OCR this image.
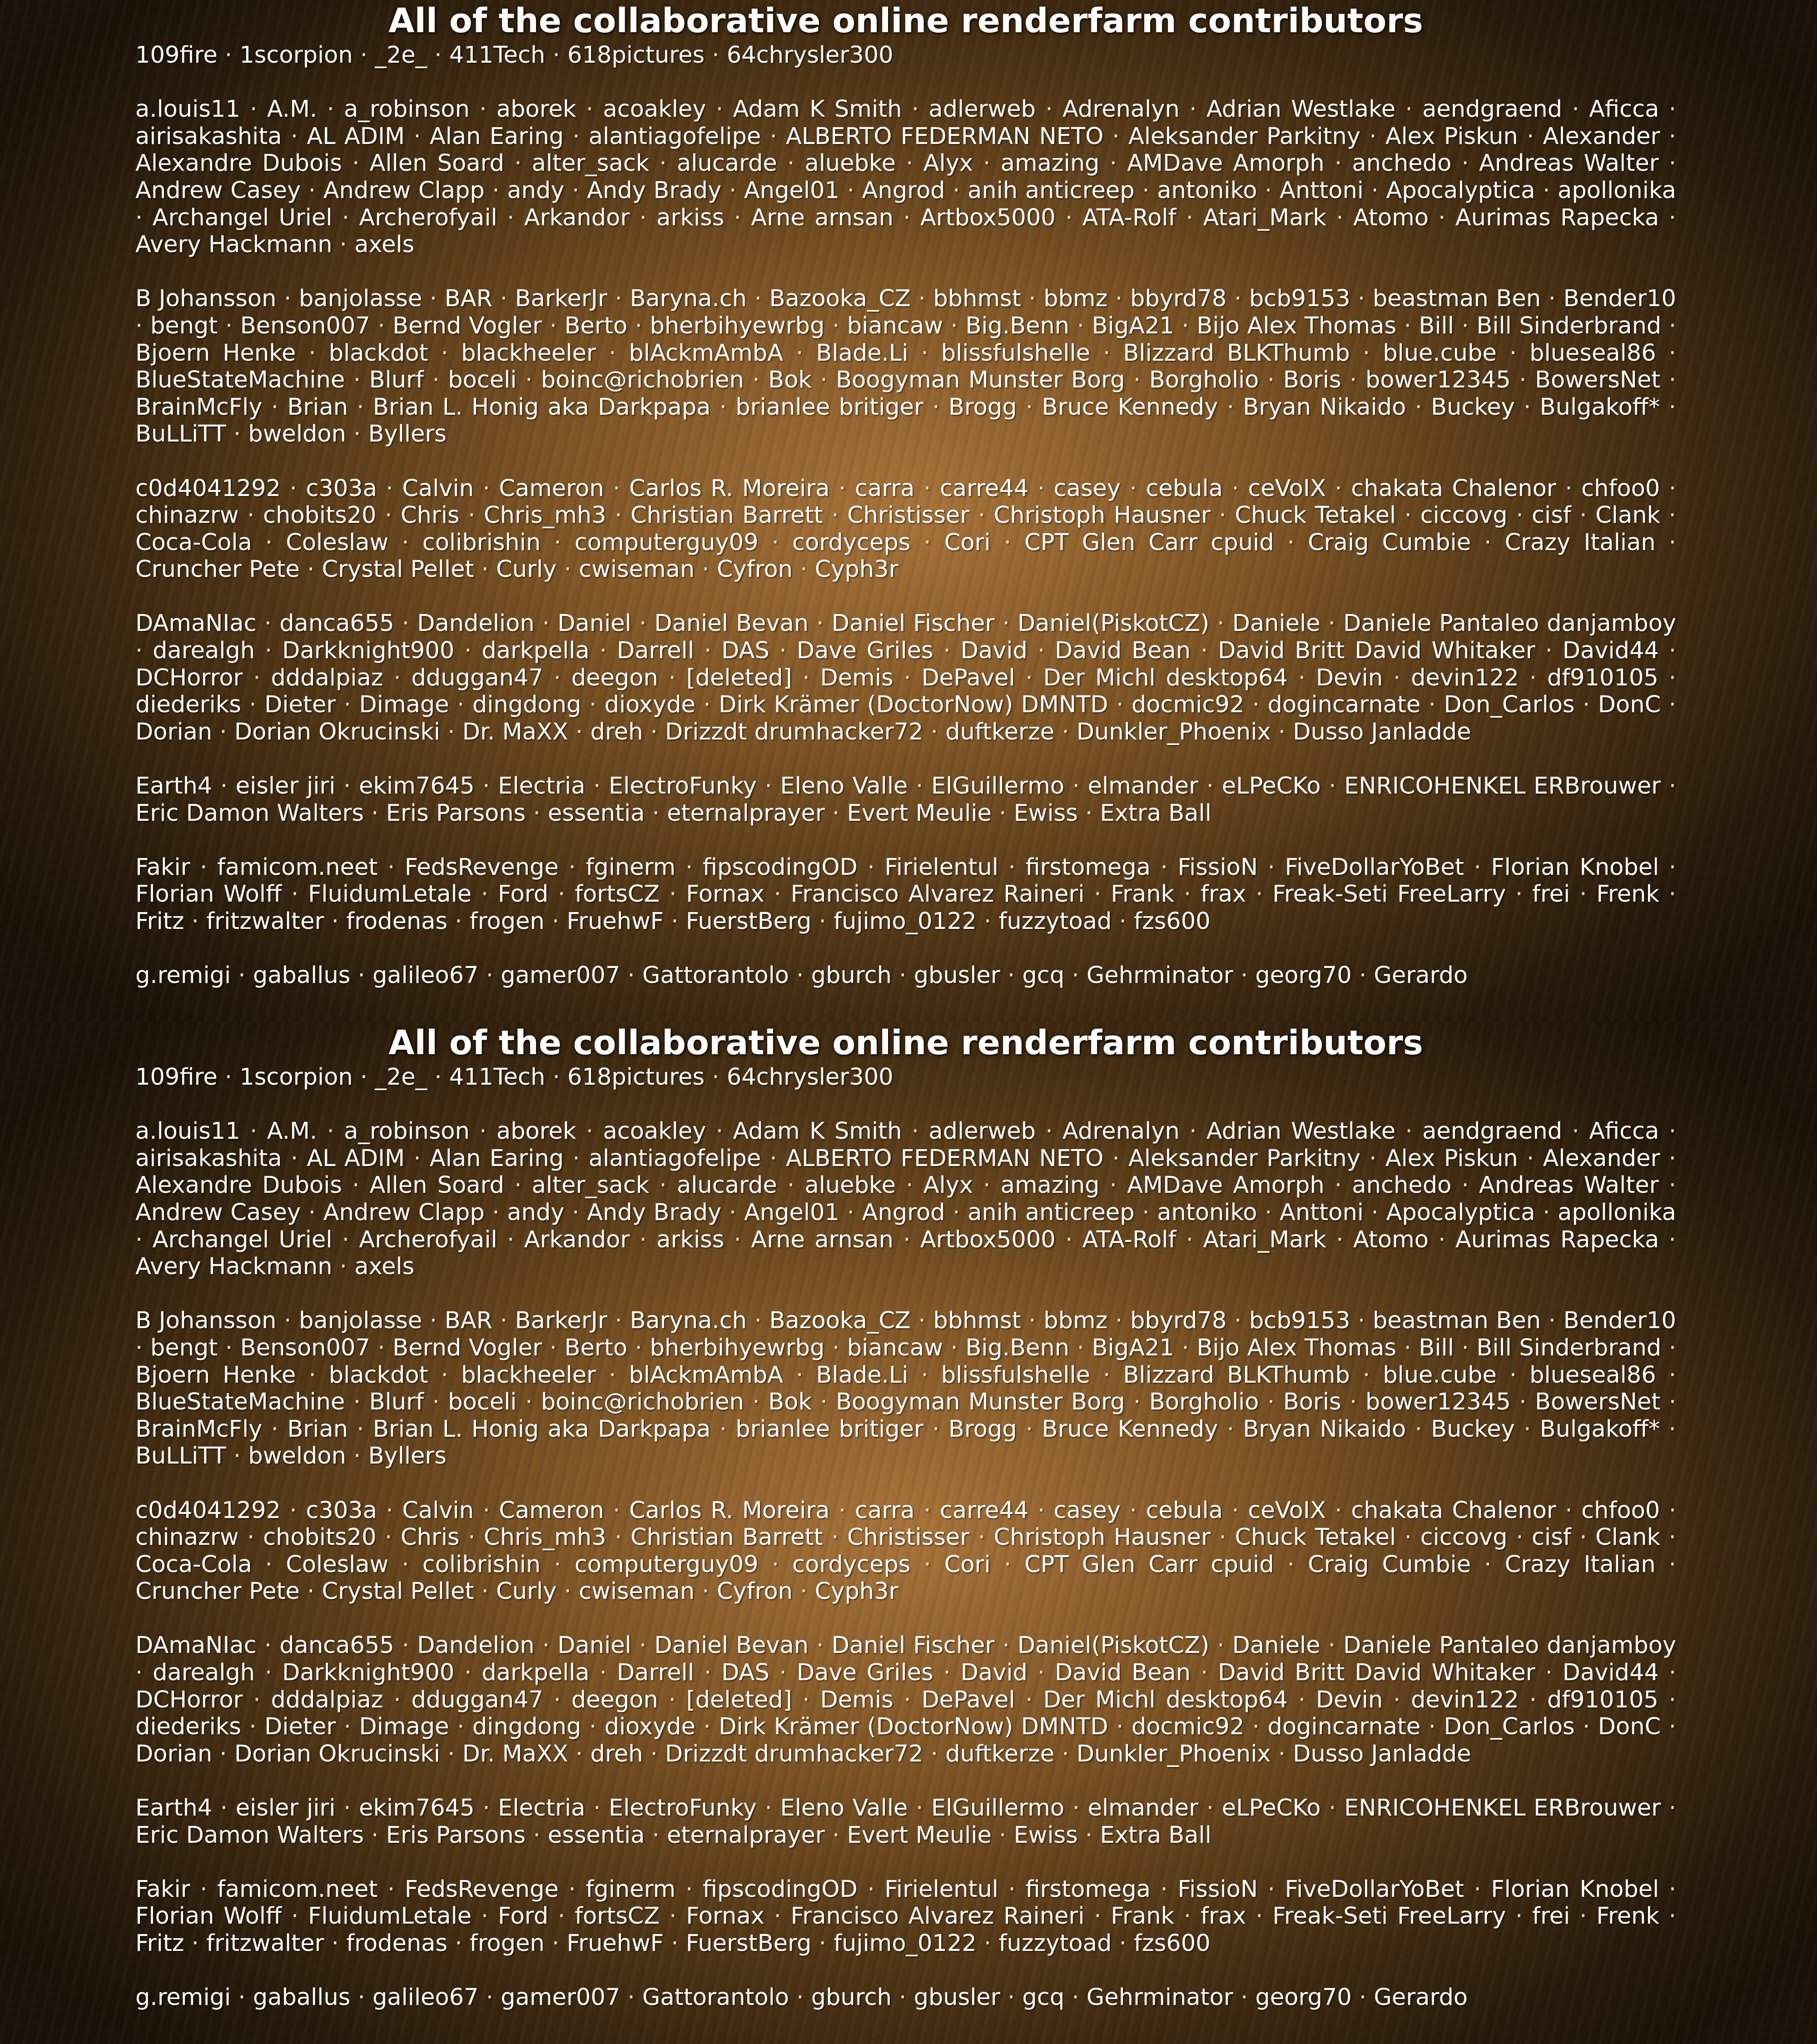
All of the collaborative online renderfarm contributors
109fire · 1scorpion · _2e_ · 411Tech · 618pictures · 64chrysler300
a.louis11 · A.M. · a_robinson · aborek · acoakley · Adam K Smith · adlerweb · Adrenalyn · Adrian Westlake · aendgraend · Aficca · airisakashita · AL ADIM · Alan Earing · alantiagofelipe · ALBERTO FEDERMAN NETO · Aleksander Parkitny · Alex Piskun · Alexander · Alexandre Dubois · Allen Soard · alter_sack · alucarde · aluebke · Alyx · amazing · AMDave Amorph · anchedo · Andreas Walter · Andrew Casey · Andrew Clapp · andy · Andy Brady · Angel01 · Angrod · anih anticreep · antoniko · Anttoni · Apocalyptica · apollonika · Archangel Uriel · Archerofyail · Arkandor · arkiss · Arne arnsan · Artbox5000 · ATA-Rolf · Atari_Mark · Atomo · Aurimas Rapecka · Avery Hackmann · axels
B Johansson · banjolasse · BAR · BarkerJr · Baryna.ch · Bazooka_CZ · bbhmst · bbmz · bbyrd78 · bcb9153 · beastman Ben · Bender10 · bengt · Benson007 · Bernd Vogler · Berto · bherbihyewrbg · biancaw · Big.Benn · BigA21 · Bijo Alex Thomas · Bill · Bill Sinderbrand · Bjoern Henke · blackdot · blackheeler · blAckmAmbA · Blade.Li · blissfulshelle · Blizzard BLKThumb · blue.cube · blueseal86 · BlueStateMachine · Blurf · boceli · boinc@richobrien · Bok · Boogyman Munster Borg · Borgholio · Boris · bower12345 · BowersNet · BrainMcFly · Brian · Brian L. Honig aka Darkpapa · brianlee britiger · Brogg · Bruce Kennedy · Bryan Nikaido · Buckey · Bulgakoff* · BuLLiTT · bweldon · Byllers
c0d4041292 · c303a · Calvin · Cameron · Carlos R. Moreira · carra · carre44 · casey · cebula · ceVoIX · chakata Chalenor · chfoo0 · chinazrw · chobits20 · Chris · Chris_mh3 · Christian Barrett · Christisser · Christoph Hausner · Chuck Tetakel · ciccovg · cisf · Clank · Coca-Cola · Coleslaw · colibrishin · computerguy09 · cordyceps · Cori · CPT Glen Carr cpuid · Craig Cumbie · Crazy Italian · Cruncher Pete · Crystal Pellet · Curly · cwiseman · Cyfron · Cyph3r
DAmaNIac · danca655 · Dandelion · Daniel · Daniel Bevan · Daniel Fischer · Daniel(PiskotCZ) · Daniele · Daniele Pantaleo danjamboy · darealgh · Darkknight900 · darkpella · Darrell · DAS · Dave Griles · David · David Bean · David Britt David Whitaker · David44 · DCHorror · dddalpiaz · dduggan47 · deegon · [deleted] · Demis · DePavel · Der Michl desktop64 · Devin · devin122 · df910105 · diederiks · Dieter · Dimage · dingdong · dioxyde · Dirk Krämer (DoctorNow) DMNTD · docmic92 · dogincarnate · Don_Carlos · DonC · Dorian · Dorian Okrucinski · Dr. MaXX · dreh · Drizzdt drumhacker72 · duftkerze · Dunkler_Phoenix · Dusso Janladde
Earth4 · eisler jiri · ekim7645 · Electria · ElectroFunky · Eleno Valle · ElGuillermo · elmander · eLPeCKo · ENRICOHENKEL ERBrouwer · Eric Damon Walters · Eris Parsons · essentia · eternalprayer · Evert Meulie · Ewiss · Extra Ball
Fakir · famicom.neet · FedsRevenge · fginerm · fipscodingOD · Firielentul · firstomega · FissioN · FiveDollarYoBet · Florian Knobel · Florian Wolff · FluidumLetale · Ford · fortsCZ · Fornax · Francisco Alvarez Raineri · Frank · frax · Freak-Seti FreeLarry · frei · Frenk · Fritz · fritzwalter · frodenas · frogen · FruehwF · FuerstBerg · fujimo_0122 · fuzzytoad · fzs600
g.remigi · gaballus · galileo67 · gamer007 · Gattorantolo · gburch · gbusler · gcq · Gehrminator · georg70 · Gerardo
All of the collaborative online renderfarm contributors
109fire · 1scorpion · _2e_ · 411Tech · 618pictures · 64chrysler300
a.louis11 · A.M. · a_robinson · aborek · acoakley · Adam K Smith · adlerweb · Adrenalyn · Adrian Westlake · aendgraend · Aficca · airisakashita · AL ADIM · Alan Earing · alantiagofelipe · ALBERTO FEDERMAN NETO · Aleksander Parkitny · Alex Piskun · Alexander · Alexandre Dubois · Allen Soard · alter_sack · alucarde · aluebke · Alyx · amazing · AMDave Amorph · anchedo · Andreas Walter · Andrew Casey · Andrew Clapp · andy · Andy Brady · Angel01 · Angrod · anih anticreep · antoniko · Anttoni · Apocalyptica · apollonika · Archangel Uriel · Archerofyail · Arkandor · arkiss · Arne arnsan · Artbox5000 · ATA-Rolf · Atari_Mark · Atomo · Aurimas Rapecka · Avery Hackmann · axels
B Johansson · banjolasse · BAR · BarkerJr · Baryna.ch · Bazooka_CZ · bbhmst · bbmz · bbyrd78 · bcb9153 · beastman Ben · Bender10 · bengt · Benson007 · Bernd Vogler · Berto · bherbihyewrbg · biancaw · Big.Benn · BigA21 · Bijo Alex Thomas · Bill · Bill Sinderbrand · Bjoern Henke · blackdot · blackheeler · blAckmAmbA · Blade.Li · blissfulshelle · Blizzard BLKThumb · blue.cube · blueseal86 · BlueStateMachine · Blurf · boceli · boinc@richobrien · Bok · Boogyman Munster Borg · Borgholio · Boris · bower12345 · BowersNet · BrainMcFly · Brian · Brian L. Honig aka Darkpapa · brianlee britiger · Brogg · Bruce Kennedy · Bryan Nikaido · Buckey · Bulgakoff* · BuLLiTT · bweldon · Byllers
c0d4041292 · c303a · Calvin · Cameron · Carlos R. Moreira · carra · carre44 · casey · cebula · ceVoIX · chakata Chalenor · chfoo0 · chinazrw · chobits20 · Chris · Chris_mh3 · Christian Barrett · Christisser · Christoph Hausner · Chuck Tetakel · ciccovg · cisf · Clank · Coca-Cola · Coleslaw · colibrishin · computerguy09 · cordyceps · Cori · CPT Glen Carr cpuid · Craig Cumbie · Crazy Italian · Cruncher Pete · Crystal Pellet · Curly · cwiseman · Cyfron · Cyph3r
DAmaNIac · danca655 · Dandelion · Daniel · Daniel Bevan · Daniel Fischer · Daniel(PiskotCZ) · Daniele · Daniele Pantaleo danjamboy · darealgh · Darkknight900 · darkpella · Darrell · DAS · Dave Griles · David · David Bean · David Britt David Whitaker · David44 · DCHorror · dddalpiaz · dduggan47 · deegon · [deleted] · Demis · DePavel · Der Michl desktop64 · Devin · devin122 · df910105 · diederiks · Dieter · Dimage · dingdong · dioxyde · Dirk Krämer (DoctorNow) DMNTD · docmic92 · dogincarnate · Don_Carlos · DonC · Dorian · Dorian Okrucinski · Dr. MaXX · dreh · Drizzdt drumhacker72 · duftkerze · Dunkler_Phoenix · Dusso Janladde
Earth4 · eisler jiri · ekim7645 · Electria · ElectroFunky · Eleno Valle · ElGuillermo · elmander · eLPeCKo · ENRICOHENKEL ERBrouwer · Eric Damon Walters · Eris Parsons · essentia · eternalprayer · Evert Meulie · Ewiss · Extra Ball
Fakir · famicom.neet · FedsRevenge · fginerm · fipscodingOD · Firielentul · firstomega · FissioN · FiveDollarYoBet · Florian Knobel · Florian Wolff · FluidumLetale · Ford · fortsCZ · Fornax · Francisco Alvarez Raineri · Frank · frax · Freak-Seti FreeLarry · frei · Frenk · Fritz · fritzwalter · frodenas · frogen · FruehwF · FuerstBerg · fujimo_0122 · fuzzytoad · fzs600
g.remigi · gaballus · galileo67 · gamer007 · Gattorantolo · gburch · gbusler · gcq · Gehrminator · georg70 · Gerardo
